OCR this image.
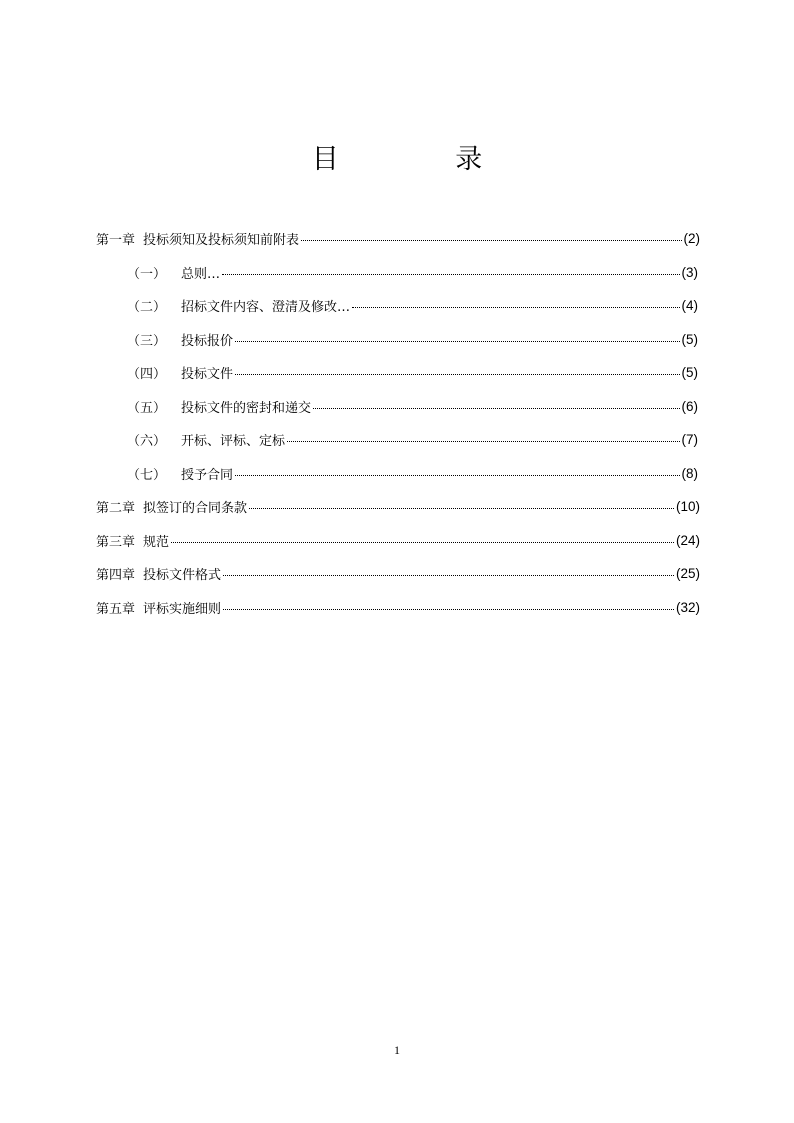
目 录
第一章 投标须知及投标须知前附表	(2)
（一）	总则…	(3)
（二）	招标文件内容、澄清及修改…	(4)
（三）	投标报价	(5)
（四）	投标文件	(5)
（五）	投标文件的密封和递交	(6)
（六）	开标、评标、定标	(7)
（七）	授予合同	(8)
第二章 拟签订的合同条款	(10)
第三章 规范	(24)
第四章 投标文件格式	(25)
第五章 评标实施细则	(32)
1
